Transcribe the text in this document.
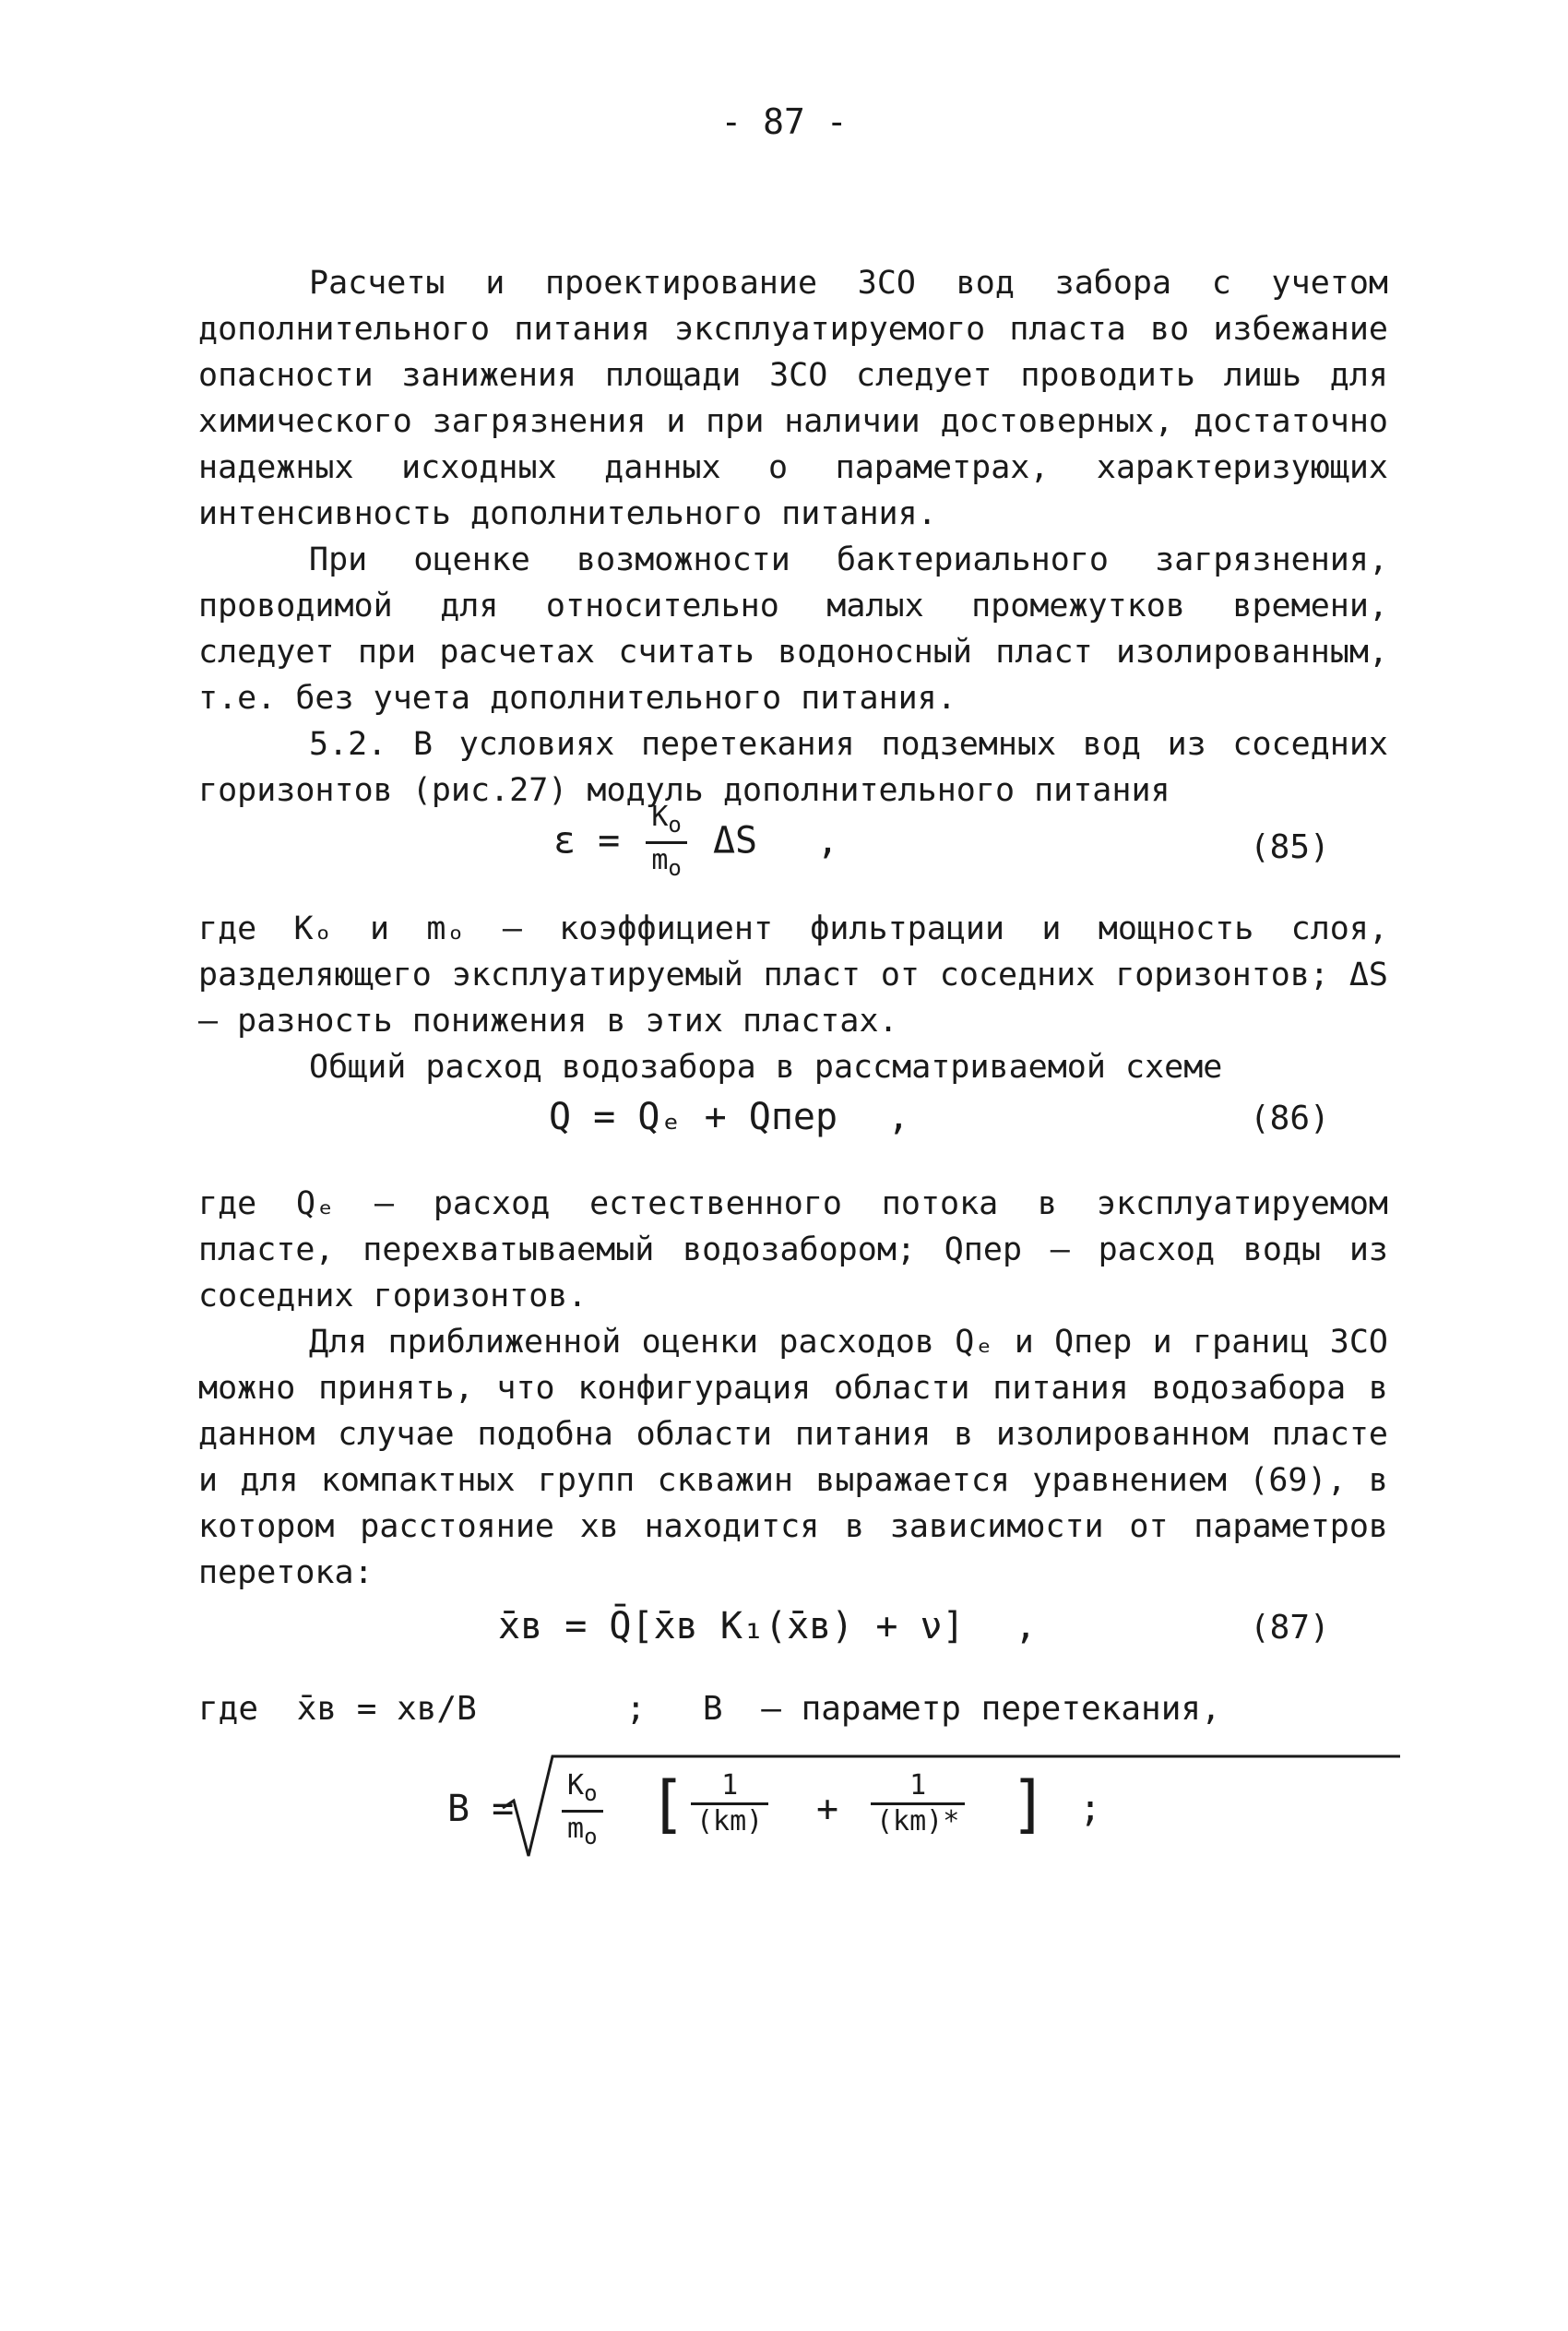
- 87 -

Расчеты и проектирование ЗСО вод забора с учетом дополнительного питания эксплуатируемого пласта во избежание опасности занижения площади ЗСО следует проводить лишь для химического загрязнения и при наличии достоверных, достаточно надежных исходных данных о параметрах, характеризующих интенсивность дополнительного питания.

При оценке возможности бактериального загрязнения, проводимой для относительно малых промежутков времени, следует при расчетах считать водоносный пласт изолированным, т.е. без учета дополнительного питания.

5.2. В условиях перетекания подземных вод из соседних горизонтов (рис.27) модуль дополнительного питания

$\varepsilon = \frac{K_o}{m_o}$ ΔS ,	(85)

где Kₒ и mₒ – коэффициент фильтрации и мощность слоя, разделяющего эксплуатируемый пласт от соседних горизонтов; ΔS – разность понижения в этих пластах.

Общий расход водозабора в рассматриваемой схеме

Q = Qₑ + Qпер ,	(86)

где Qₑ – расход естественного потока в эксплуатируемом пласте, перехватываемый водозабором; Qпер – расход воды из соседних горизонтов.

Для приближенной оценки расходов Qₑ и Qпер и границ ЗСО можно принять, что конфигурация области питания водозабора в данном случае подобна области питания в изолированном пласте и для компактных групп скважин выражается уравнением (69), в котором расстояние xв находится в зависимости от параметров перетока:

x̄в = Q̄[x̄в K₁(x̄в) + ν] ,	(87)
где x̄в = xв/B	; B – параметр перетекания,
$B = \frac{K_o}{m_o}$ [ $\frac{1}{(km)} + \frac{1}{(km)*}$ ] ;
